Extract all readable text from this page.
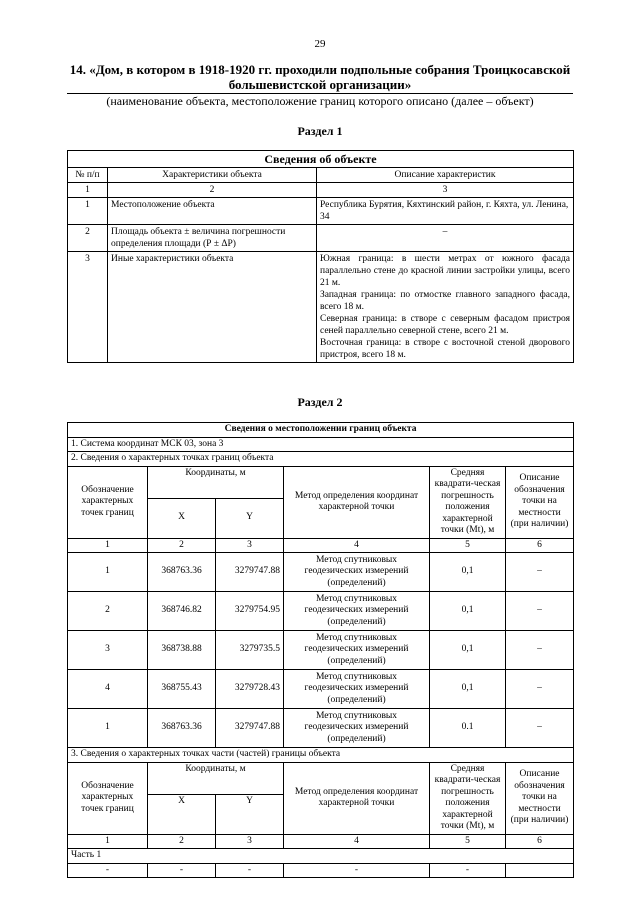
29
14. «Дом, в котором в 1918-1920 гг. проходили подпольные собрания Троицкосавской большевистской организации»
(наименование объекта, местоположение границ которого описано (далее – объект)
Раздел 1
Сведения об объекте		
№ п/п	Характеристики объекта	Описание характеристик
1	2	3
1	Местоположение объекта	Республика Бурятия, Кяхтинский район, г. Кяхта, ул. Ленина, 34
2	Площадь объекта ± величина погрешности определения площади (Р ± ΔР)	–
3	Иные характеристики объекта	Южная граница: в шести метрах от южного фасада параллельно стене до красной линии застройки улицы, всего 21 м.
Западная граница: по отмостке главного западного фасада, всего 18 м.
Северная граница: в створе с северным фасадом пристроя сеней параллельно северной стене, всего 21 м.
Восточная граница: в створе с восточной стеной дворового пристроя, всего 18 м.
Раздел 2
Сведения о местоположении границ объекта					
1. Система координат МСК 03, зона 3					
2. Сведения о характерных точках границ объекта					
Обозначение характерных точек границ	Координаты, м		Метод определения координат характерной точки	Средняя квадрати-ческая погрешность положения характерной точки (Мt), м	Описание обозначения точки на местности (при наличии)
	X	Y			
1	2	3	4	5	6
1	368763.36	3279747.88	Метод спутниковых геодезических измерений (определений)	0,1	–
2	368746.82	3279754.95	Метод спутниковых геодезических измерений (определений)	0,1	–
3	368738.88	3279735.5	Метод спутниковых геодезических измерений (определений)	0,1	–
4	368755.43	3279728.43	Метод спутниковых геодезических измерений (определений)	0,1	–
1	368763.36	3279747.88	Метод спутниковых геодезических измерений (определений)	0.1	–
3. Сведения о характерных точках части (частей) границы объекта					
Обозначение характерных точек границ	Координаты, м		Метод определения координат характерной точки	Средняя квадрати-ческая погрешность положения характерной точки (Мt), м	Описание обозначения точки на местности (при наличии)
	X	Y			
1	2	3	4	5	6
Часть 1					
-	-	-	-	-	
